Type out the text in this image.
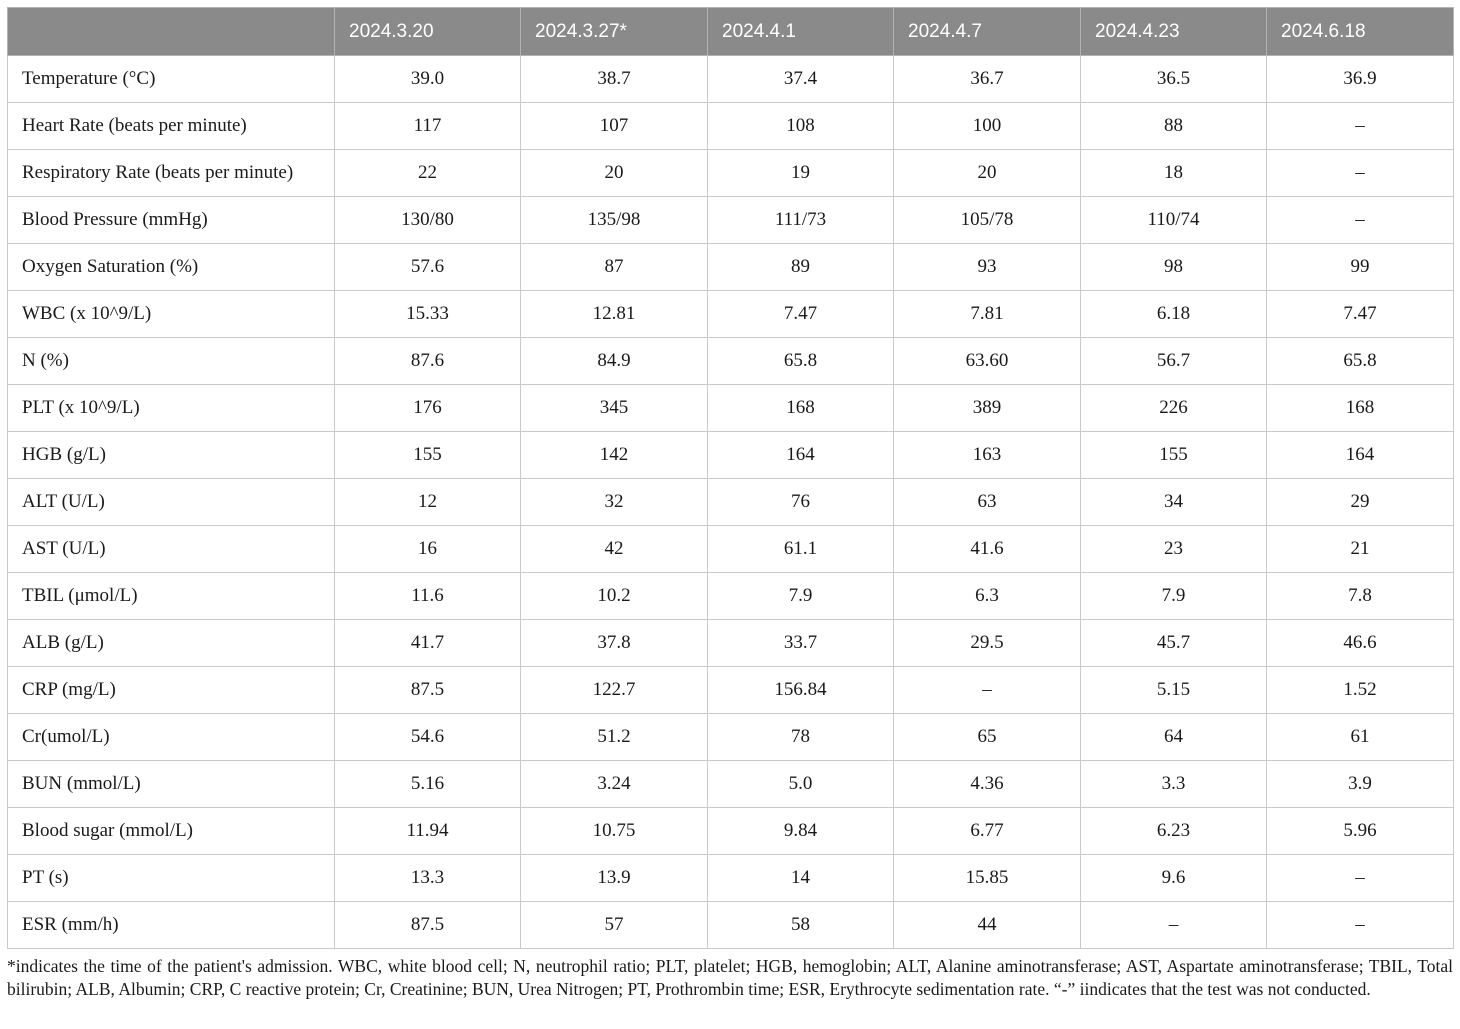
	2024.3.20	2024.3.27*	2024.4.1	2024.4.7	2024.4.23	2024.6.18
Temperature (°C)	39.0	38.7	37.4	36.7	36.5	36.9
Heart Rate (beats per minute)	117	107	108	100	88	–
Respiratory Rate (beats per minute)	22	20	19	20	18	–
Blood Pressure (mmHg)	130/80	135/98	111/73	105/78	110/74	–
Oxygen Saturation (%)	57.6	87	89	93	98	99
WBC (x 10^9/L)	15.33	12.81	7.47	7.81	6.18	7.47
N (%)	87.6	84.9	65.8	63.60	56.7	65.8
PLT (x 10^9/L)	176	345	168	389	226	168
HGB (g/L)	155	142	164	163	155	164
ALT (U/L)	12	32	76	63	34	29
AST (U/L)	16	42	61.1	41.6	23	21
TBIL (μmol/L)	11.6	10.2	7.9	6.3	7.9	7.8
ALB (g/L)	41.7	37.8	33.7	29.5	45.7	46.6
CRP (mg/L)	87.5	122.7	156.84	–	5.15	1.52
Cr(umol/L)	54.6	51.2	78	65	64	61
BUN (mmol/L)	5.16	3.24	5.0	4.36	3.3	3.9
Blood sugar (mmol/L)	11.94	10.75	9.84	6.77	6.23	5.96
PT (s)	13.3	13.9	14	15.85	9.6	–
ESR (mm/h)	87.5	57	58	44	–	–
*indicates the time of the patient's admission. WBC, white blood cell; N, neutrophil ratio; PLT, platelet; HGB, hemoglobin; ALT, Alanine aminotransferase; AST, Aspartate aminotransferase; TBIL, Total bilirubin; ALB, Albumin; CRP, C reactive protein; Cr, Creatinine; BUN, Urea Nitrogen; PT, Prothrombin time; ESR, Erythrocyte sedimentation rate. “-” iindicates that the test was not conducted.
